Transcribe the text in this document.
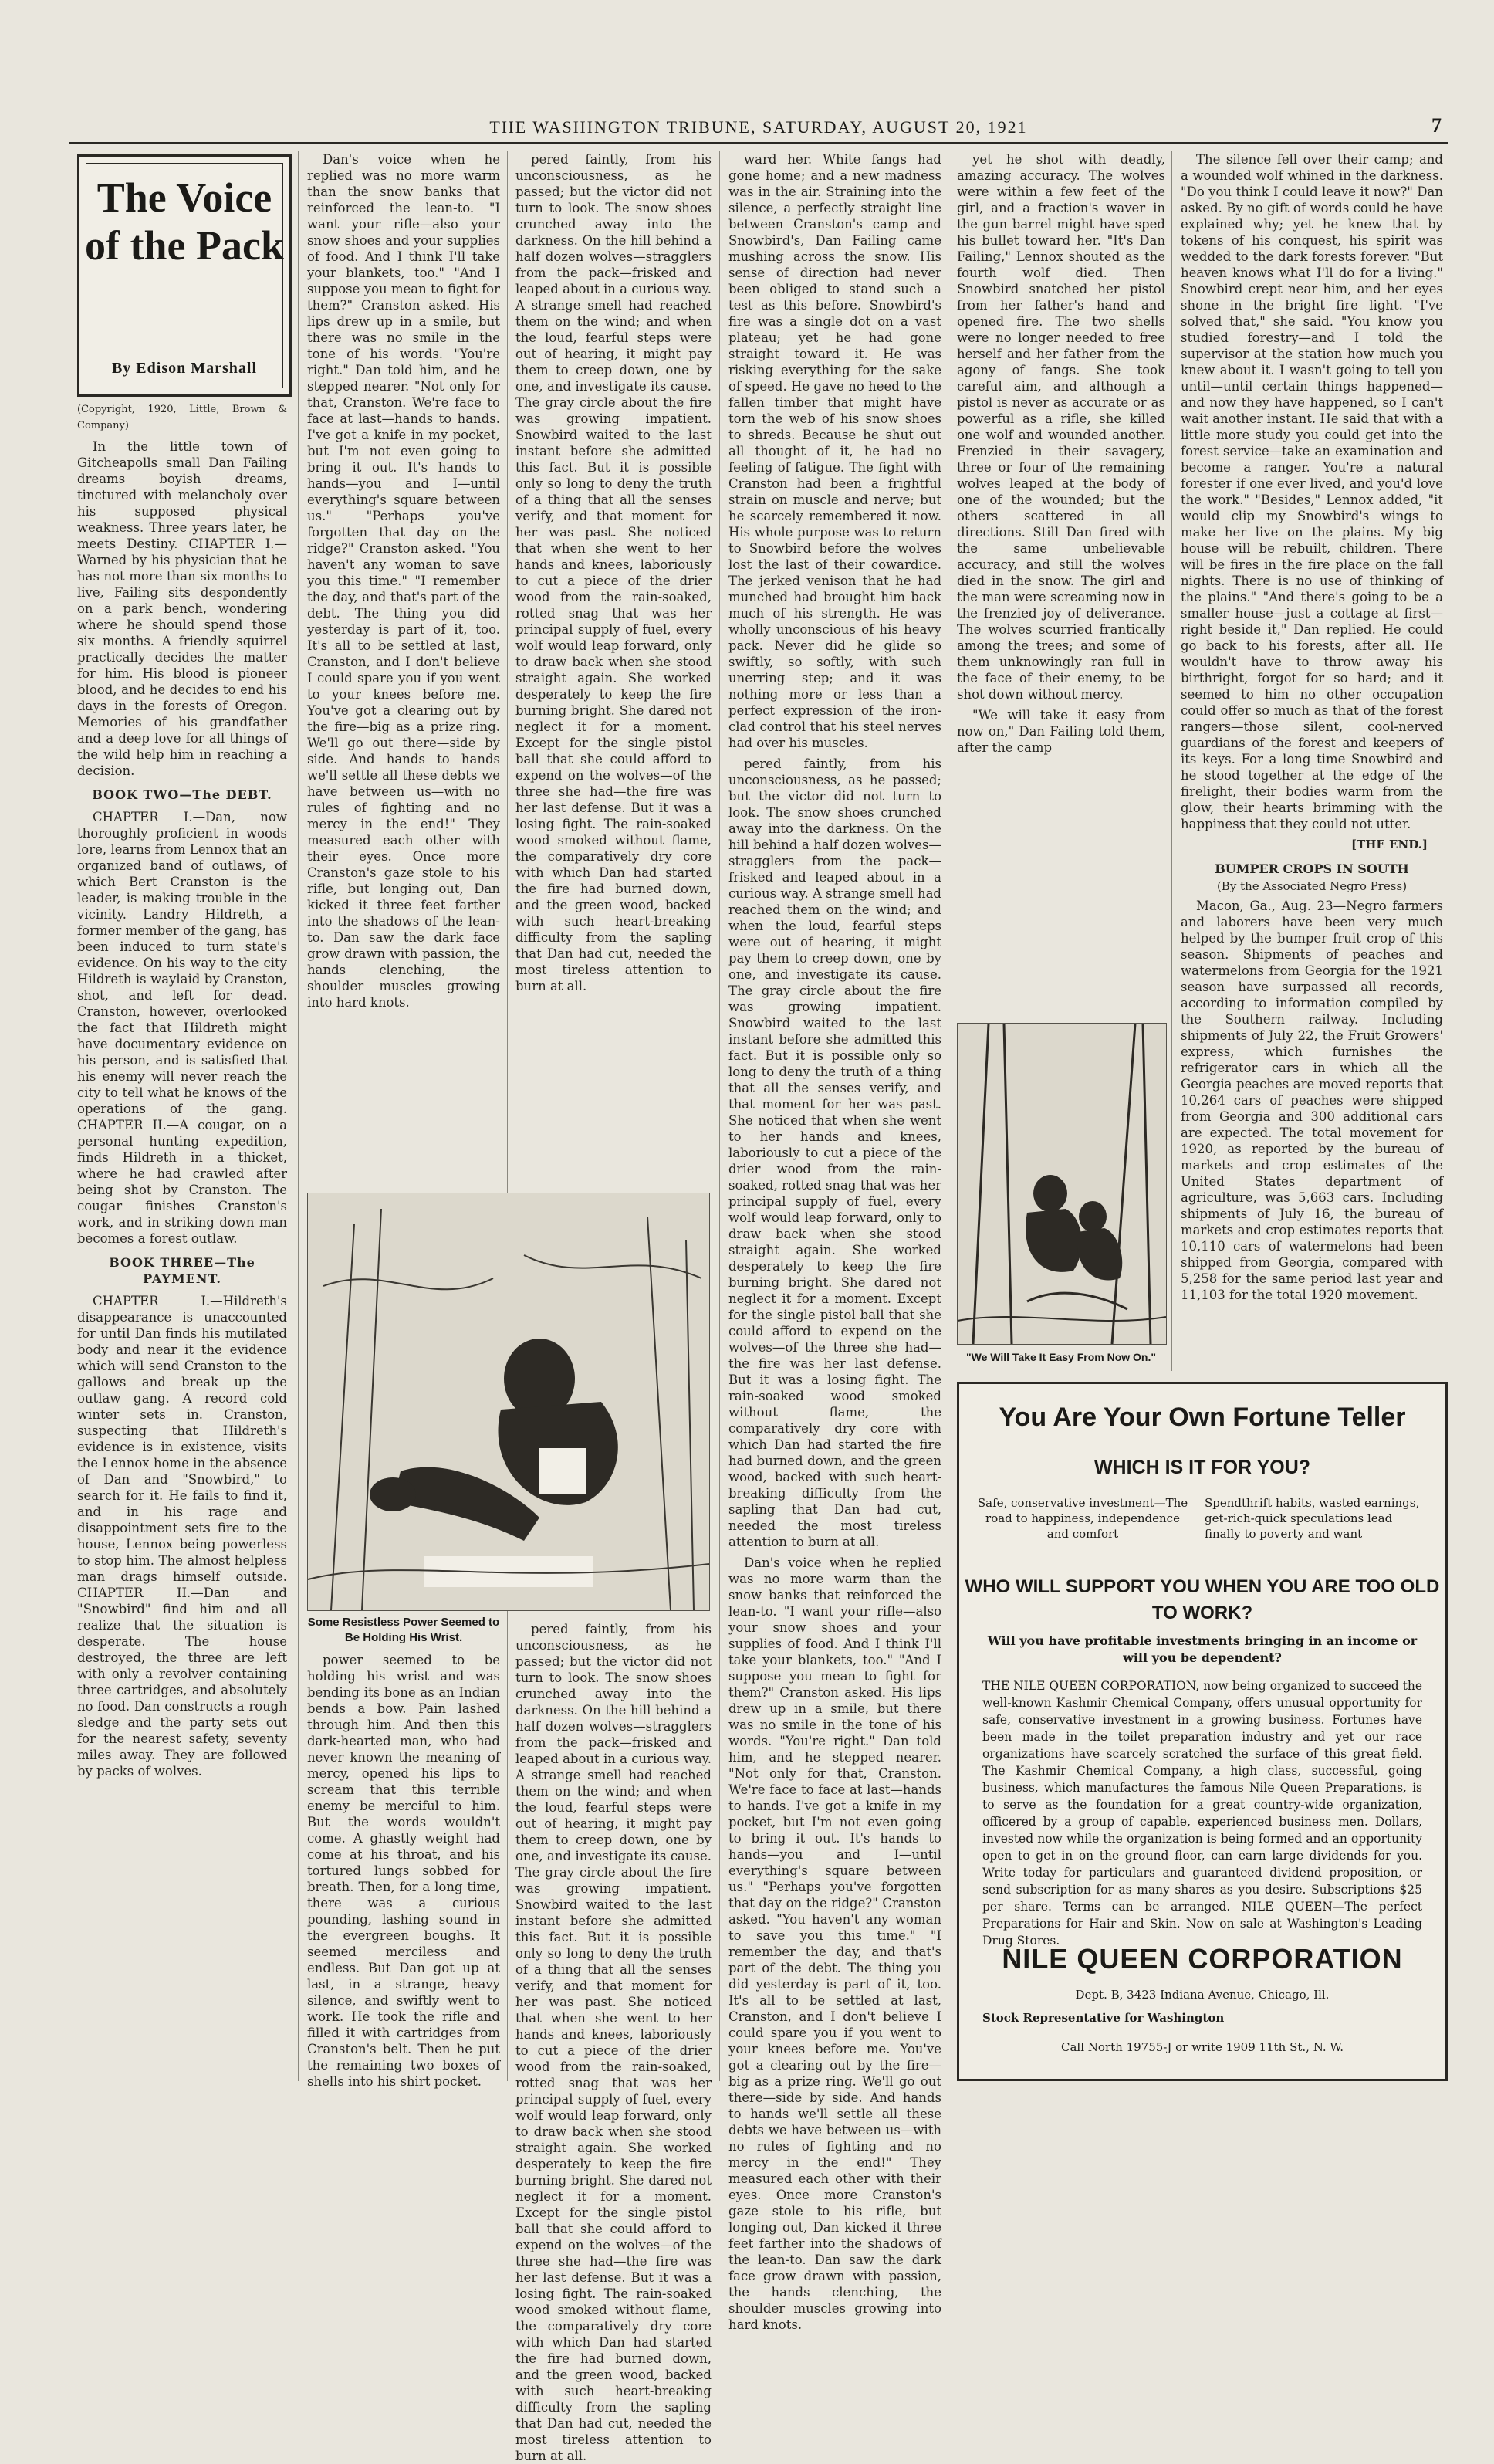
THE WASHINGTON TRIBUNE, SATURDAY, AUGUST 20, 1921	7
The Voice of the Pack
By Edison Marshall

(Copyright, 1920, Little, Brown & Company)

In the little town of Gitcheapolls small Dan Failing dreams boyish dreams, tinctured with melancholy over his supposed physical weakness. Three years later, he meets Destiny. CHAPTER I.—Warned by his physician that he has not more than six months to live, Failing sits despondently on a park bench, wondering where he should spend those six months. A friendly squirrel practically decides the matter for him. His blood is pioneer blood, and he decides to end his days in the forests of Oregon. Memories of his grandfather and a deep love for all things of the wild help him in reaching a decision.

BOOK TWO—The DEBT.

CHAPTER I.—Dan, now thoroughly proficient in woods lore, learns from Lennox that an organized band of outlaws, of which Bert Cranston is the leader, is making trouble in the vicinity. Landry Hildreth, a former member of the gang, has been induced to turn state's evidence. On his way to the city Hildreth is waylaid by Cranston, shot, and left for dead. Cranston, however, overlooked the fact that Hildreth might have documentary evidence on his person, and is satisfied that his enemy will never reach the city to tell what he knows of the operations of the gang. CHAPTER II.—A cougar, on a personal hunting expedition, finds Hildreth in a thicket, where he had crawled after being shot by Cranston. The cougar finishes Cranston's work, and in striking down man becomes a forest outlaw.

BOOK THREE—The PAYMENT.

CHAPTER I.—Hildreth's disappearance is unaccounted for until Dan finds his mutilated body and near it the evidence which will send Cranston to the gallows and break up the outlaw gang. A record cold winter sets in. Cranston, suspecting that Hildreth's evidence is in existence, visits the Lennox home in the absence of Dan and "Snowbird," to search for it. He fails to find it, and in his rage and disappointment sets fire to the house, Lennox being powerless to stop him. The almost helpless man drags himself outside. CHAPTER II.—Dan and "Snowbird" find him and all realize that the situation is desperate. The house destroyed, the three are left with only a revolver containing three cartridges, and absolutely no food. Dan constructs a rough sledge and the party sets out for the nearest safety, seventy miles away. They are followed by packs of wolves.

Dan's voice when he replied was no more warm than the snow banks that reinforced the lean-to. "I want your rifle—also your snow shoes and your supplies of food. And I think I'll take your blankets, too." "And I suppose you mean to fight for them?" Cranston asked. His lips drew up in a smile, but there was no smile in the tone of his words. "You're right." Dan told him, and he stepped nearer. "Not only for that, Cranston. We're face to face at last—hands to hands. I've got a knife in my pocket, but I'm not even going to bring it out. It's hands to hands—you and I—until everything's square between us." "Perhaps you've forgotten that day on the ridge?" Cranston asked. "You haven't any woman to save you this time." "I remember the day, and that's part of the debt. The thing you did yesterday is part of it, too. It's all to be settled at last, Cranston, and I don't believe I could spare you if you went to your knees before me. You've got a clearing out by the fire—big as a prize ring. We'll go out there—side by side. And hands to hands we'll settle all these debts we have between us—with no rules of fighting and no mercy in the end!" They measured each other with their eyes. Once more Cranston's gaze stole to his rifle, but longing out, Dan kicked it three feet farther into the shadows of the lean-to. Dan saw the dark face grow drawn with passion, the hands clenching, the shoulder muscles growing into hard knots.

Some Resistless Power Seemed to Be Holding His Wrist.

power seemed to be holding his wrist and was bending its bone as an Indian bends a bow. Pain lashed through him. And then this dark-hearted man, who had never known the meaning of mercy, opened his lips to scream that this terrible enemy be merciful to him. But the words wouldn't come. A ghastly weight had come at his throat, and his tortured lungs sobbed for breath. Then, for a long time, there was a curious pounding, lashing sound in the evergreen boughs. It seemed merciless and endless. But Dan got up at last, in a strange, heavy silence, and swiftly went to work. He took the rifle and filled it with cartridges from Cranston's belt. Then he put the remaining two boxes of shells into his shirt pocket.

pered faintly, from his unconsciousness, as he passed; but the victor did not turn to look. The snow shoes crunched away into the darkness. On the hill behind a half dozen wolves—stragglers from the pack—frisked and leaped about in a curious way. A strange smell had reached them on the wind; and when the loud, fearful steps were out of hearing, it might pay them to creep down, one by one, and investigate its cause. The gray circle about the fire was growing impatient. Snowbird waited to the last instant before she admitted this fact. But it is possible only so long to deny the truth of a thing that all the senses verify, and that moment for her was past. She noticed that when she went to her hands and knees, laboriously to cut a piece of the drier wood from the rain-soaked, rotted snag that was her principal supply of fuel, every wolf would leap forward, only to draw back when she stood straight again. She worked desperately to keep the fire burning bright. She dared not neglect it for a moment. Except for the single pistol ball that she could afford to expend on the wolves—of the three she had—the fire was her last defense. But it was a losing fight. The rain-soaked wood smoked without flame, the comparatively dry core with which Dan had started the fire had burned down, and the green wood, backed with such heart-breaking difficulty from the sapling that Dan had cut, needed the most tireless attention to burn at all.

pered faintly, from his unconsciousness, as he passed; but the victor did not turn to look. The snow shoes crunched away into the darkness. On the hill behind a half dozen wolves—stragglers from the pack—frisked and leaped about in a curious way. A strange smell had reached them on the wind; and when the loud, fearful steps were out of hearing, it might pay them to creep down, one by one, and investigate its cause. The gray circle about the fire was growing impatient. Snowbird waited to the last instant before she admitted this fact. But it is possible only so long to deny the truth of a thing that all the senses verify, and that moment for her was past. She noticed that when she went to her hands and knees, laboriously to cut a piece of the drier wood from the rain-soaked, rotted snag that was her principal supply of fuel, every wolf would leap forward, only to draw back when she stood straight again. She worked desperately to keep the fire burning bright. She dared not neglect it for a moment. Except for the single pistol ball that she could afford to expend on the wolves—of the three she had—the fire was her last defense. But it was a losing fight. The rain-soaked wood smoked without flame, the comparatively dry core with which Dan had started the fire had burned down, and the green wood, backed with such heart-breaking difficulty from the sapling that Dan had cut, needed the most tireless attention to burn at all.

ward her. White fangs had gone home; and a new madness was in the air. Straining into the silence, a perfectly straight line between Cranston's camp and Snowbird's, Dan Failing came mushing across the snow. His sense of direction had never been obliged to stand such a test as this before. Snowbird's fire was a single dot on a vast plateau; yet he had gone straight toward it. He was risking everything for the sake of speed. He gave no heed to the fallen timber that might have torn the web of his snow shoes to shreds. Because he shut out all thought of it, he had no feeling of fatigue. The fight with Cranston had been a frightful strain on muscle and nerve; but he scarcely remembered it now. His whole purpose was to return to Snowbird before the wolves lost the last of their cowardice. The jerked venison that he had munched had brought him back much of his strength. He was wholly unconscious of his heavy pack. Never did he glide so swiftly, so softly, with such unerring step; and it was nothing more or less than a perfect expression of the iron-clad control that his steel nerves had over his muscles.

pered faintly, from his unconsciousness, as he passed; but the victor did not turn to look. The snow shoes crunched away into the darkness. On the hill behind a half dozen wolves—stragglers from the pack—frisked and leaped about in a curious way. A strange smell had reached them on the wind; and when the loud, fearful steps were out of hearing, it might pay them to creep down, one by one, and investigate its cause. The gray circle about the fire was growing impatient. Snowbird waited to the last instant before she admitted this fact. But it is possible only so long to deny the truth of a thing that all the senses verify, and that moment for her was past. She noticed that when she went to her hands and knees, laboriously to cut a piece of the drier wood from the rain-soaked, rotted snag that was her principal supply of fuel, every wolf would leap forward, only to draw back when she stood straight again. She worked desperately to keep the fire burning bright. She dared not neglect it for a moment. Except for the single pistol ball that she could afford to expend on the wolves—of the three she had—the fire was her last defense. But it was a losing fight. The rain-soaked wood smoked without flame, the comparatively dry core with which Dan had started the fire had burned down, and the green wood, backed with such heart-breaking difficulty from the sapling that Dan had cut, needed the most tireless attention to burn at all.

Dan's voice when he replied was no more warm than the snow banks that reinforced the lean-to. "I want your rifle—also your snow shoes and your supplies of food. And I think I'll take your blankets, too." "And I suppose you mean to fight for them?" Cranston asked. His lips drew up in a smile, but there was no smile in the tone of his words. "You're right." Dan told him, and he stepped nearer. "Not only for that, Cranston. We're face to face at last—hands to hands. I've got a knife in my pocket, but I'm not even going to bring it out. It's hands to hands—you and I—until everything's square between us." "Perhaps you've forgotten that day on the ridge?" Cranston asked. "You haven't any woman to save you this time." "I remember the day, and that's part of the debt. The thing you did yesterday is part of it, too. It's all to be settled at last, Cranston, and I don't believe I could spare you if you went to your knees before me. You've got a clearing out by the fire—big as a prize ring. We'll go out there—side by side. And hands to hands we'll settle all these debts we have between us—with no rules of fighting and no mercy in the end!" They measured each other with their eyes. Once more Cranston's gaze stole to his rifle, but longing out, Dan kicked it three feet farther into the shadows of the lean-to. Dan saw the dark face grow drawn with passion, the hands clenching, the shoulder muscles growing into hard knots.

yet he shot with deadly, amazing accuracy. The wolves were within a few feet of the girl, and a fraction's waver in the gun barrel might have sped his bullet toward her. "It's Dan Failing," Lennox shouted as the fourth wolf died. Then Snowbird snatched her pistol from her father's hand and opened fire. The two shells were no longer needed to free herself and her father from the agony of fangs. She took careful aim, and although a pistol is never as accurate or as powerful as a rifle, she killed one wolf and wounded another. Frenzied in their savagery, three or four of the remaining wolves leaped at the body of one of the wounded; but the others scattered in all directions. Still Dan fired with the same unbelievable accuracy, and still the wolves died in the snow. The girl and the man were screaming now in the frenzied joy of deliverance. The wolves scurried frantically among the trees; and some of them unknowingly ran full in the face of their enemy, to be shot down without mercy.

"We will take it easy from now on," Dan Failing told them, after the camp

"We Will Take It Easy From Now On."

The silence fell over their camp; and a wounded wolf whined in the darkness. "Do you think I could leave it now?" Dan asked. By no gift of words could he have explained why; yet he knew that by tokens of his conquest, his spirit was wedded to the dark forests forever. "But heaven knows what I'll do for a living." Snowbird crept near him, and her eyes shone in the bright fire light. "I've solved that," she said. "You know you studied forestry—and I told the supervisor at the station how much you knew about it. I wasn't going to tell you until—until certain things happened—and now they have happened, so I can't wait another instant. He said that with a little more study you could get into the forest service—take an examination and become a ranger. You're a natural forester if one ever lived, and you'd love the work." "Besides," Lennox added, "it would clip my Snowbird's wings to make her live on the plains. My big house will be rebuilt, children. There will be fires in the fire place on the fall nights. There is no use of thinking of the plains." "And there's going to be a smaller house—just a cottage at first—right beside it," Dan replied. He could go back to his forests, after all. He wouldn't have to throw away his birthright, forgot for so hard; and it seemed to him no other occupation could offer so much as that of the forest rangers—those silent, cool-nerved guardians of the forest and keepers of its keys. For a long time Snowbird and he stood together at the edge of the firelight, their bodies warm from the glow, their hearts brimming with the happiness that they could not utter.

[THE END.]
BUMPER CROPS IN SOUTH
(By the Associated Negro Press)

Macon, Ga., Aug. 23—Negro farmers and laborers have been very much helped by the bumper fruit crop of this season. Shipments of peaches and watermelons from Georgia for the 1921 season have surpassed all records, according to information compiled by the Southern railway. Including shipments of July 22, the Fruit Growers' express, which furnishes the refrigerator cars in which all the Georgia peaches are moved reports that 10,264 cars of peaches were shipped from Georgia and 300 additional cars are expected. The total movement for 1920, as reported by the bureau of markets and crop estimates of the United States department of agriculture, was 5,663 cars. Including shipments of July 16, the bureau of markets and crop estimates reports that 10,110 cars of watermelons had been shipped from Georgia, compared with 5,258 for the same period last year and 11,103 for the total 1920 movement.

You Are Your Own Fortune Teller
WHICH IS IT FOR YOU?
Safe, conservative investment—The road to happiness, independence and comfort
Spendthrift habits, wasted earnings, get-rich-quick speculations lead finally to poverty and want
WHO WILL SUPPORT YOU WHEN YOU ARE TOO OLD TO WORK?
Will you have profitable investments bringing in an income or will you be dependent?
THE NILE QUEEN CORPORATION, now being organized to succeed the well-known Kashmir Chemical Company, offers unusual opportunity for safe, conservative investment in a growing business. Fortunes have been made in the toilet preparation industry and yet our race organizations have scarcely scratched the surface of this great field. The Kashmir Chemical Company, a high class, successful, going business, which manufactures the famous Nile Queen Preparations, is to serve as the foundation for a great country-wide organization, officered by a group of capable, experienced business men. Dollars, invested now while the organization is being formed and an opportunity open to get in on the ground floor, can earn large dividends for you. Write today for particulars and guaranteed dividend proposition, or send subscription for as many shares as you desire. Subscriptions $25 per share. Terms can be arranged. NILE QUEEN—The perfect Preparations for Hair and Skin. Now on sale at Washington's Leading Drug Stores.
NILE QUEEN CORPORATION
Dept. B, 3423 Indiana Avenue, Chicago, Ill.
Stock Representative for Washington
Call North 19755-J or write 1909 11th St., N. W.
